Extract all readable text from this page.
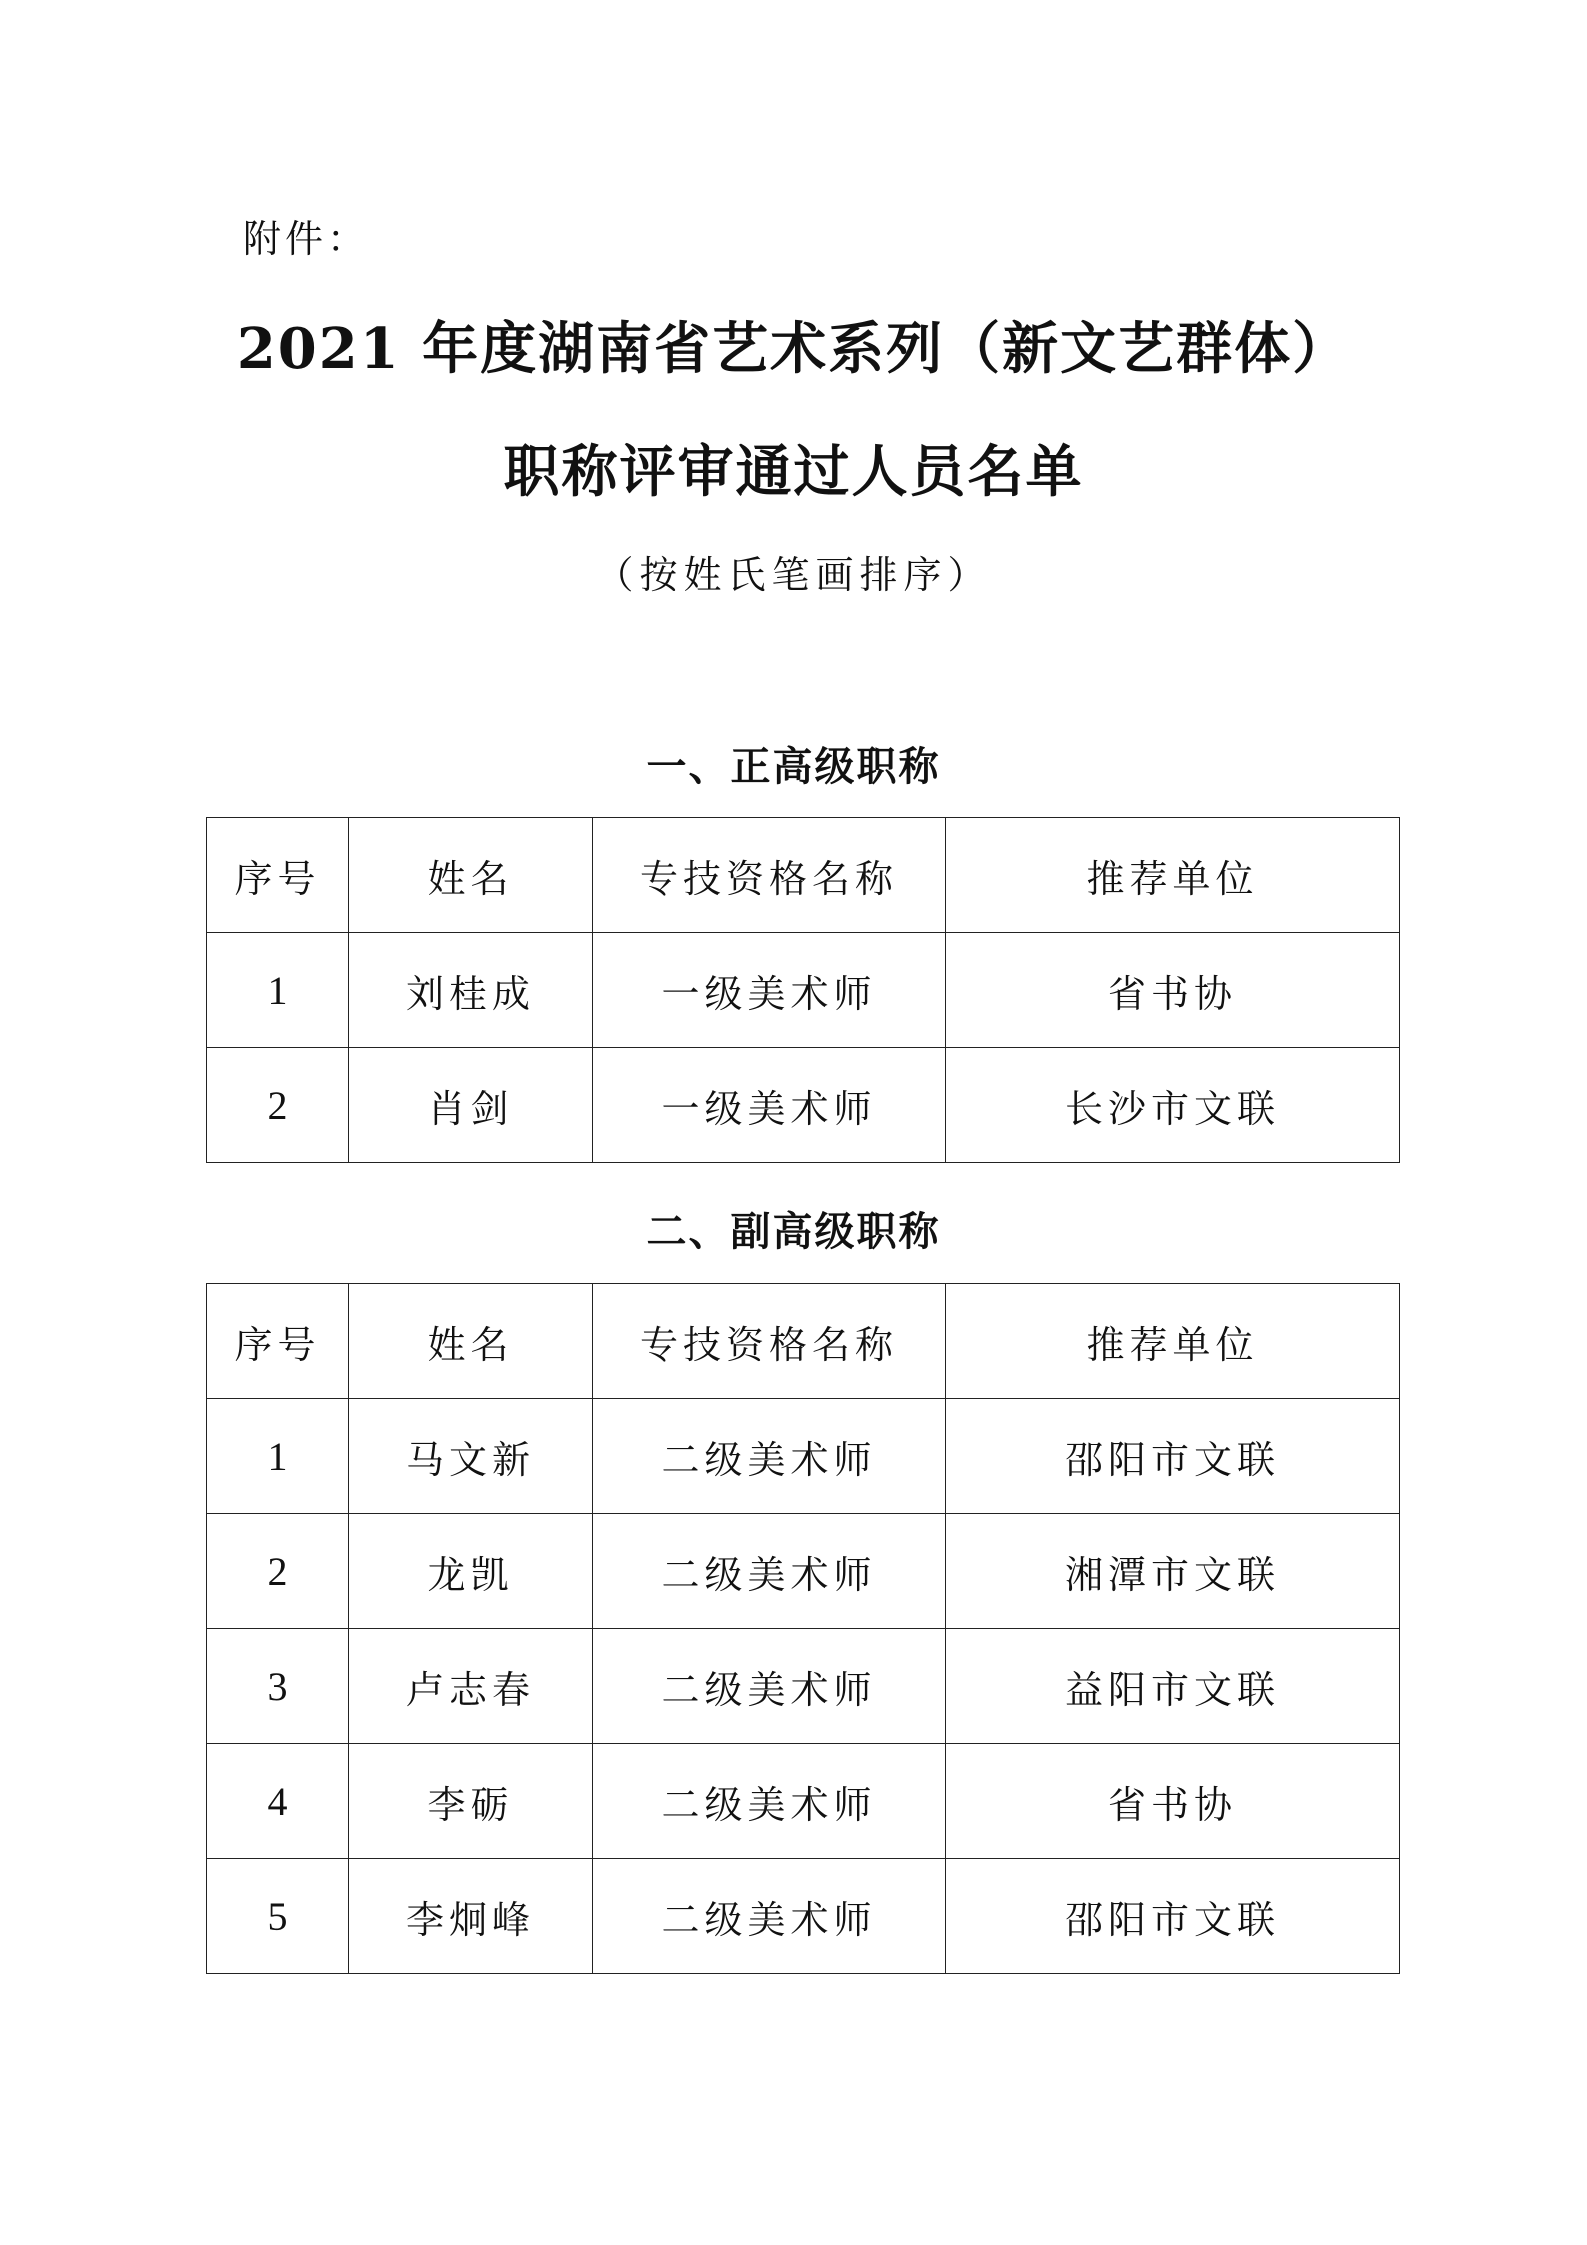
附件：
2021 年度湖南省艺术系列（新文艺群体）
职称评审通过人员名单
（按姓氏笔画排序）
一、正高级职称
序号	姓名	专技资格名称	推荐单位
1	刘桂成	一级美术师	省书协
2	肖剑	一级美术师	长沙市文联
二、副高级职称
序号	姓名	专技资格名称	推荐单位
1	马文新	二级美术师	邵阳市文联
2	龙凯	二级美术师	湘潭市文联
3	卢志春	二级美术师	益阳市文联
4	李砺	二级美术师	省书协
5	李炯峰	二级美术师	邵阳市文联
